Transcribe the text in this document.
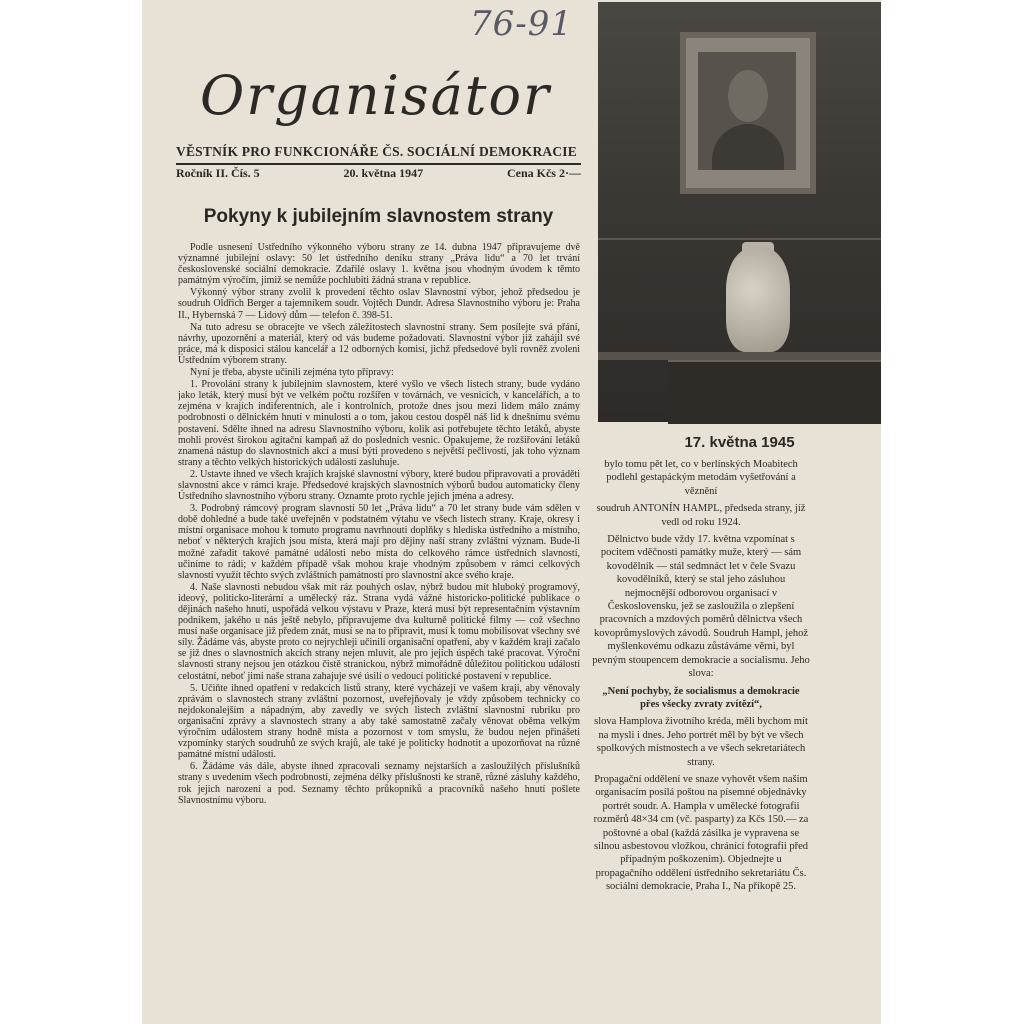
76-91
Organisátor
VĚSTNÍK PRO FUNKCIONÁŘE ČS. SOCIÁLNÍ DEMOKRACIE
Ročník II. Čís. 5	20. května 1947	Cena Kčs 2·—
Pokyny k jubilejním slavnostem strany

Podle usnesení Ústředního výkonného výboru strany ze 14. dubna 1947 připravujeme dvě významné jubilejní oslavy: 50 let ústředního deníku strany „Práva lidu“ a 70 let trvání československé sociální demokracie. Zdařilé oslavy 1. května jsou vhodným úvodem k těmto památným výročím, jimiž se nemůže pochlubiti žádná strana v republice.

Výkonný výbor strany zvolil k provedení těchto oslav Slavnostní výbor, jehož předsedou je soudruh Oldřich Berger a tajemníkem soudr. Vojtěch Dundr. Adresa Slavnostního výboru je: Praha II., Hybernská 7 — Lidový dům — telefon č. 398-51.

Na tuto adresu se obracejte ve všech záležitostech slavnostní strany. Sem posílejte svá přání, návrhy, upozornění a materiál, který od vás budeme požadovati. Slavnostní výbor již zahájil své práce, má k disposici stálou kancelář a 12 odborných komisí, jichž předsedové byli rovněž zvoleni Ústředním výborem strany.

Nyní je třeba, abyste učinili zejména tyto přípravy:

1. Provolání strany k jubilejním slavnostem, které vyšlo ve všech listech strany, bude vydáno jako leták, který musí být ve velkém počtu rozšířen v továrnách, ve vesnicích, v kancelářích, a to zejména v krajích indiferentních, ale i kontrolních, protože dnes jsou mezi lidem málo známy podrobnosti o dělnickém hnutí v minulosti a o tom, jakou cestou dospěl náš lid k dnešnímu svému postavení. Sdělte ihned na adresu Slavnostního výboru, kolik asi potřebujete těchto letáků, abyste mohli provést širokou agitační kampaň až do posledních vesnic. Opakujeme, že rozšiřování letáků znamená nástup do slavnostních akcí a musí býti provedeno s největší pečlivostí, jak toho význam strany a těchto velkých historických událostí zasluhuje.

2. Ustavte ihned ve všech krajích krajské slavnostní výbory, které budou připravovati a prováděti slavnostní akce v rámci kraje. Předsedové krajských slavnostních výborů budou automaticky členy Ústředního slavnostního výboru strany. Oznamte proto rychle jejich jména a adresy.

3. Podrobný rámcový program slavností 50 let „Práva lidu“ a 70 let strany bude vám sdělen v době dohledné a bude také uveřejněn v podstatném výtahu ve všech listech strany. Kraje, okresy i místní organisace mohou k tomuto programu navrhnouti doplňky s hlediska ústředního a místního, neboť v některých krajích jsou místa, která mají pro dějiny naší strany zvláštní význam. Bude-li možné zařadit takové památné události nebo místa do celkového rámce ústředních slavností, učiníme to rádi; v každém případě však mohou kraje vhodným způsobem v rámci celkových slavností využít těchto svých zvláštních památností pro slavnostní akce svého kraje.

4. Naše slavnosti nebudou však mít ráz pouhých oslav, nýbrž budou mít hluboký programový, ideový, politicko-literární a umělecký ráz. Strana vydá vážné historicko-politické publikace o dějinách našeho hnutí, uspořádá velkou výstavu v Praze, která musí být representačním výstavním podnikem, jakého u nás ještě nebylo, připravujeme dva kulturně politické filmy — což všechno musí naše organisace již předem znát, musí se na to připravit, musí k tomu mobilisovat všechny své síly. Žádáme vás, abyste proto co nejrychleji učinili organisační opatření, aby v každém kraji začalo se již dnes o slavnostních akcích strany nejen mluvit, ale pro jejich úspěch také pracovat. Výroční slavnosti strany nejsou jen otázkou čistě stranickou, nýbrž mimořádně důležitou politickou událostí celostátní, neboť jimi naše strana zahajuje své úsilí o vedoucí politické postavení v republice.

5. Učiňte ihned opatření v redakcích listů strany, které vycházejí ve vašem kraji, aby věnovaly zprávám o slavnostech strany zvláštní pozornost, uveřejňovaly je vždy způsobem technicky co nejdokonalejším a nápadným, aby zavedly ve svých listech zvláštní slavnostní rubriku pro organisační zprávy a slavnostech strany a aby také samostatně začaly věnovat oběma velkým výročním událostem strany hodně místa a pozornost v tom smyslu, že budou nejen přinášeti vzpomínky starých soudruhů ze svých krajů, ale také je politicky hodnotit a upozorňovat na různé památné místní události.

6. Žádáme vás dále, abyste ihned zpracovali seznamy nejstarších a zasloužilých příslušníků strany s uvedením všech podrobností, zejména délky příslušnosti ke straně, různé zásluhy každého, rok jejich narození a pod. Seznamy těchto průkopníků a pracovníků našeho hnutí pošlete Slavnostnímu výboru.

17. května 1945

bylo tomu pět let, co v berlínských Moabitech podlehl gestapáckým metodám vyšetřování a věznění

soudruh ANTONÍN HAMPL, předseda strany, jíž vedl od roku 1924.

Dělnictvo bude vždy 17. května vzpomínat s pocitem vděčnosti památky muže, který — sám kovodělník — stál sedmnáct let v čele Svazu kovodělníků, který se stal jeho zásluhou nejmocnější odborovou organisací v Československu, jež se zasloužila o zlepšení pracovních a mzdových poměrů dělnictva všech kovoprůmyslových závodů. Soudruh Hampl, jehož myšlenkovému odkazu zůstáváme věrni, byl pevným stoupencem demokracie a socialismu. Jeho slova:

„Není pochyby, že socialismus a demokracie přes všecky zvraty zvítězí“,

slova Hamplova životního kréda, měli bychom mít na mysli i dnes. Jeho portrét měl by být ve všech spolkových místnostech a ve všech sekretariátech strany.

Propagační oddělení ve snaze vyhovět všem našim organisacím posílá poštou na písemné objednávky portrét soudr. A. Hampla v umělecké fotografii rozměrů 48×34 cm (vč. pasparty) za Kčs 150.— za poštovné a obal (každá zásilka je vypravena se silnou asbestovou vložkou, chránící fotografii před případným poškozením). Objednejte u propagačního oddělení ústředního sekretariátu Čs. sociální demokracie, Praha I., Na příkopě 25.
